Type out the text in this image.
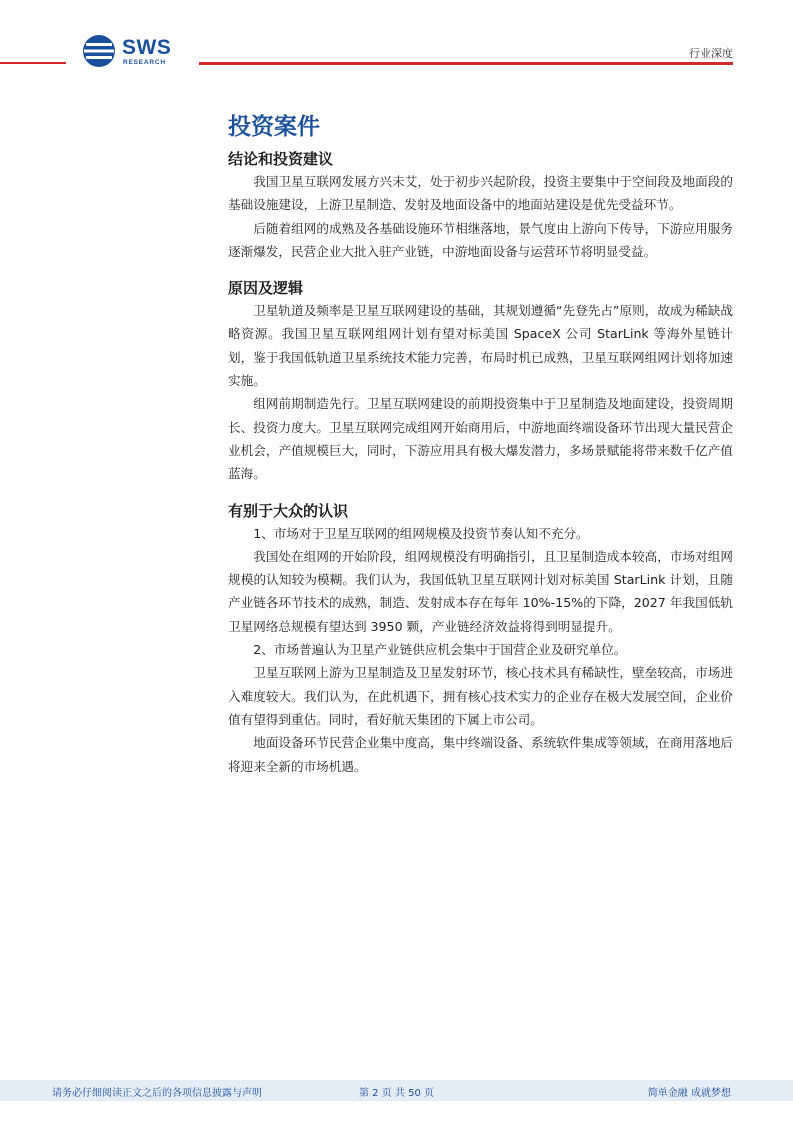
SWS
RESEARCH
行业深度
投资案件
结论和投资建议

我国卫星互联网发展方兴未艾，处于初步兴起阶段，投资主要集中于空间段及地面段的基础设施建设，上游卫星制造、发射及地面设备中的地面站建设是优先受益环节。

后随着组网的成熟及各基础设施环节相继落地，景气度由上游向下传导，下游应用服务逐渐爆发，民营企业大批入驻产业链，中游地面设备与运营环节将明显受益。

原因及逻辑

卫星轨道及频率是卫星互联网建设的基础，其规划遵循“先登先占”原则，故成为稀缺战略资源。我国卫星互联网组网计划有望对标美国 SpaceX 公司 StarLink 等海外星链计划，鉴于我国低轨道卫星系统技术能力完善，布局时机已成熟，卫星互联网组网计划将加速实施。

组网前期制造先行。卫星互联网建设的前期投资集中于卫星制造及地面建设，投资周期长、投资力度大。卫星互联网完成组网开始商用后，中游地面终端设备环节出现大量民营企业机会，产值规模巨大，同时，下游应用具有极大爆发潜力，多场景赋能将带来数千亿产值蓝海。

有别于大众的认识

1、市场对于卫星互联网的组网规模及投资节奏认知不充分。

我国处在组网的开始阶段，组网规模没有明确指引，且卫星制造成本较高，市场对组网规模的认知较为模糊。我们认为，我国低轨卫星互联网计划对标美国 StarLink 计划，且随产业链各环节技术的成熟，制造、发射成本存在每年 10%-15%的下降，2027 年我国低轨卫星网络总规模有望达到 3950 颗，产业链经济效益将得到明显提升。

2、市场普遍认为卫星产业链供应机会集中于国营企业及研究单位。

卫星互联网上游为卫星制造及卫星发射环节，核心技术具有稀缺性，壁垒较高，市场进入难度较大。我们认为，在此机遇下，拥有核心技术实力的企业存在极大发展空间，企业价值有望得到重估。同时，看好航天集团的下属上市公司。

地面设备环节民营企业集中度高，集中终端设备、系统软件集成等领域，在商用落地后将迎来全新的市场机遇。

请务必仔细阅读正文之后的各项信息披露与声明	第 2 页 共 50 页	简单金融 成就梦想
